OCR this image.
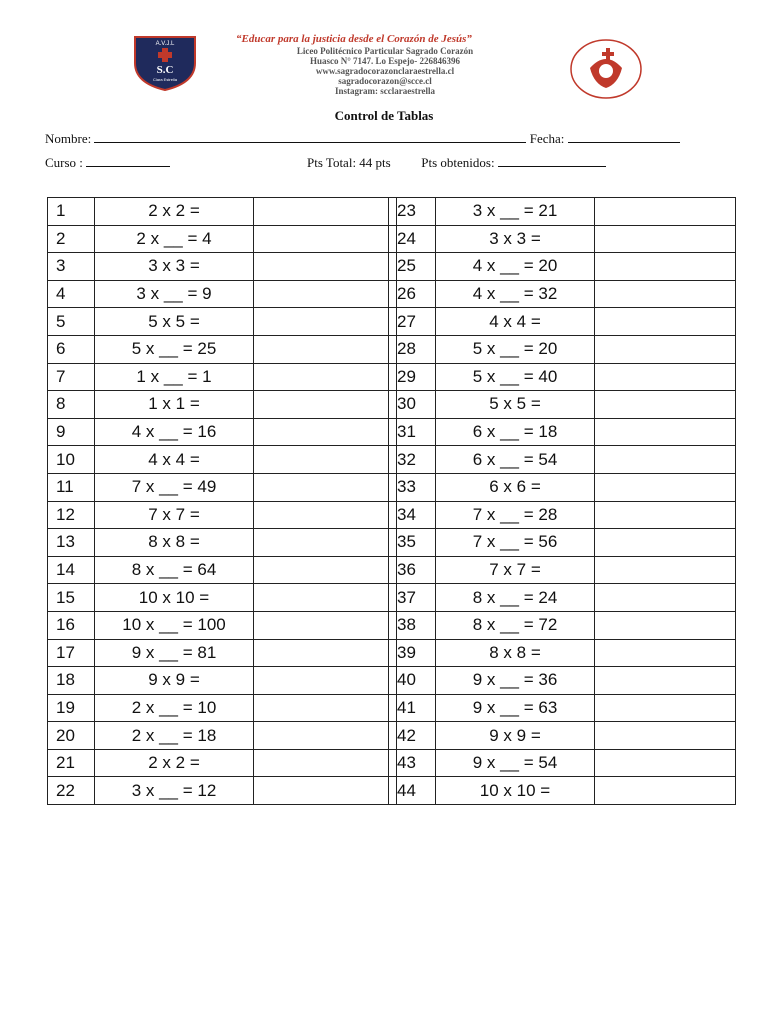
A.V.J.L
S.C
Clara Estrella
“Educar para la justicia desde el Corazón de Jesús”
Liceo Politécnico Particular Sagrado Corazón
Huasco N° 7147. Lo Espejo- 226846396
www.sagradocorazonclaraestrella.cl
sagradocorazon@scce.cl
Instagram: scclaraestrella
Control de Tablas
Nombre:	Fecha:
Curso :	Pts Total: 44 pts Pts obtenidos:
1	2 x 2 =	
2	2 x __ = 4	
3	3 x 3 =	
4	3 x __ = 9	
5	5 x 5 =	
6	5 x __ = 25	
7	1 x __ = 1	
8	1 x 1 =	
9	4 x __ = 16	
10	4 x 4 =	
11	7 x __ = 49	
12	7 x 7 =	
13	8 x 8 =	
14	8 x __ = 64	
15	10 x 10 =	
16	10 x __ = 100	
17	9 x __ = 81	
18	9 x 9 =	
19	2 x __ = 10	
20	2 x __ = 18	
21	2 x 2 =	
22	3 x __ = 12	
23	3 x __ = 21	
24	3 x 3 =	
25	4 x __ = 20	
26	4 x __ = 32	
27	4 x 4 =	
28	5 x __ = 20	
29	5 x __ = 40	
30	5 x 5 =	
31	6 x __ = 18	
32	6 x __ = 54	
33	6 x 6 =	
34	7 x __ = 28	
35	7 x __ = 56	
36	7 x 7 =	
37	8 x __ = 24	
38	8 x __ = 72	
39	8 x 8 =	
40	9 x __ = 36	
41	9 x __ = 63	
42	9 x 9 =	
43	9 x __ = 54	
44	10 x 10 =	
